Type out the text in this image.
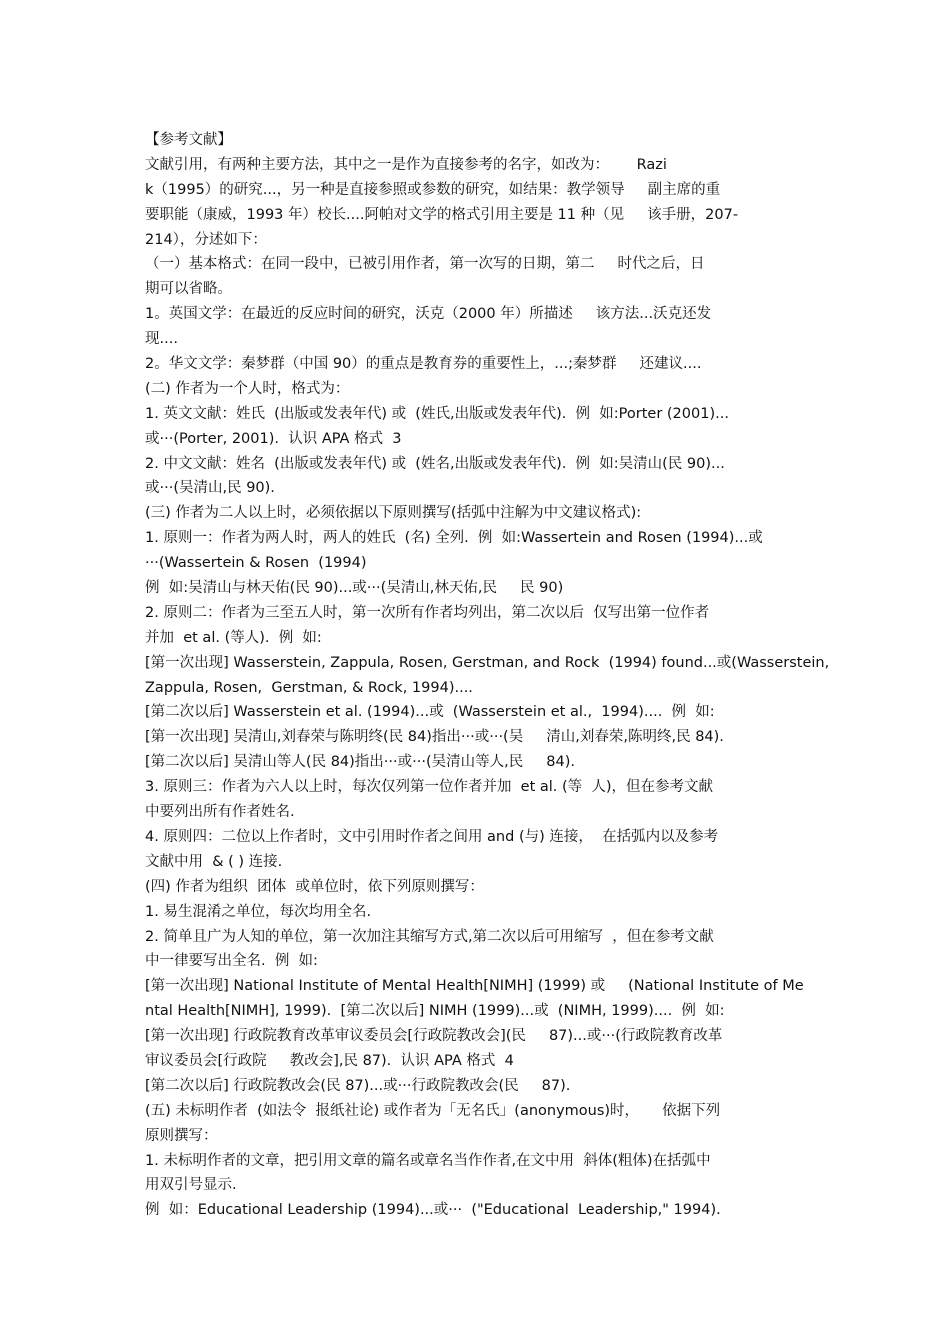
【参考文献】
文献引用，有两种主要方法，其中之一是作为直接参考的名字，如改为：      Razi
k（1995）的研究...，另一种是直接参照或参数的研究，如结果：教学领导     副主席的重
要职能（康威，1993 年）校长....阿帕对文学的格式引用主要是 11 种（见     该手册，207-
214），分述如下：
（一）基本格式：在同一段中，已被引用作者，第一次写的日期，第二     时代之后，日
期可以省略。
1。英国文学：在最近的反应时间的研究，沃克（2000 年）所描述     该方法...沃克还发
现....
2。华文文学：秦梦群（中国 90）的重点是教育券的重要性上，...;秦梦群     还建议....
(二) 作者为一个人时，格式为：
1. 英文文献：姓氏  (出版或发表年代) 或  (姓氏,出版或发表年代).  例  如:Porter (2001)...
或···(Porter, 2001).  认识 APA 格式  3
2. 中文文献：姓名  (出版或发表年代) 或  (姓名,出版或发表年代).  例  如:吴清山(民 90)...
或···(吴清山,民 90).
(三) 作者为二人以上时，必须依据以下原则撰写(括弧中注解为中文建议格式):
1. 原则一：作者为两人时，两人的姓氏  (名) 全列.  例  如:Wassertein and Rosen (1994)...或
···(Wassertein & Rosen  (1994)
例  如:吴清山与林天佑(民 90)...或···(吴清山,林天佑,民     民 90)
2. 原则二：作者为三至五人时，第一次所有作者均列出，第二次以后  仅写出第一位作者
并加  et al. (等人).  例  如:
[第一次出现] Wasserstein, Zappula, Rosen, Gerstman, and Rock  (1994) found...或(Wasserstein,
Zappula, Rosen,  Gerstman, & Rock, 1994)....
[第二次以后] Wasserstein et al. (1994)...或  (Wasserstein et al.,  1994)....  例  如:
[第一次出现] 吴清山,刘春荣与陈明终(民 84)指出···或···(吴     清山,刘春荣,陈明终,民 84).
[第二次以后] 吴清山等人(民 84)指出···或···(吴清山等人,民     84).
3. 原则三：作者为六人以上时，每次仅列第一位作者并加  et al. (等  人)，但在参考文献
中要列出所有作者姓名.
4. 原则四：二位以上作者时，文中引用时作者之间用 and (与) 连接，  在括弧内以及参考
文献中用  & ( ) 连接.
(四) 作者为组织  团体  或单位时，依下列原则撰写：
1. 易生混淆之单位，每次均用全名.
2. 简单且广为人知的单位，第一次加注其缩写方式,第二次以后可用缩写  ，但在参考文献
中一律要写出全名.  例  如:
[第一次出现] National Institute of Mental Health[NIMH] (1999) 或     (National Institute of Me
ntal Health[NIMH], 1999).  [第二次以后] NIMH (1999)...或  (NIMH, 1999)....  例  如:
[第一次出现] 行政院教育改革审议委员会[行政院教改会](民     87)...或···(行政院教育改革
审议委员会[行政院     教改会],民 87).  认识 APA 格式  4
[第二次以后] 行政院教改会(民 87)...或···行政院教改会(民     87).
(五) 未标明作者  (如法令  报纸社论) 或作者为「无名氏」(anonymous)时，     依据下列
原则撰写：
1. 未标明作者的文章，把引用文章的篇名或章名当作作者,在文中用  斜体(粗体)在括弧中
用双引号显示.
例  如：Educational Leadership (1994)...或···  ("Educational  Leadership," 1994).
